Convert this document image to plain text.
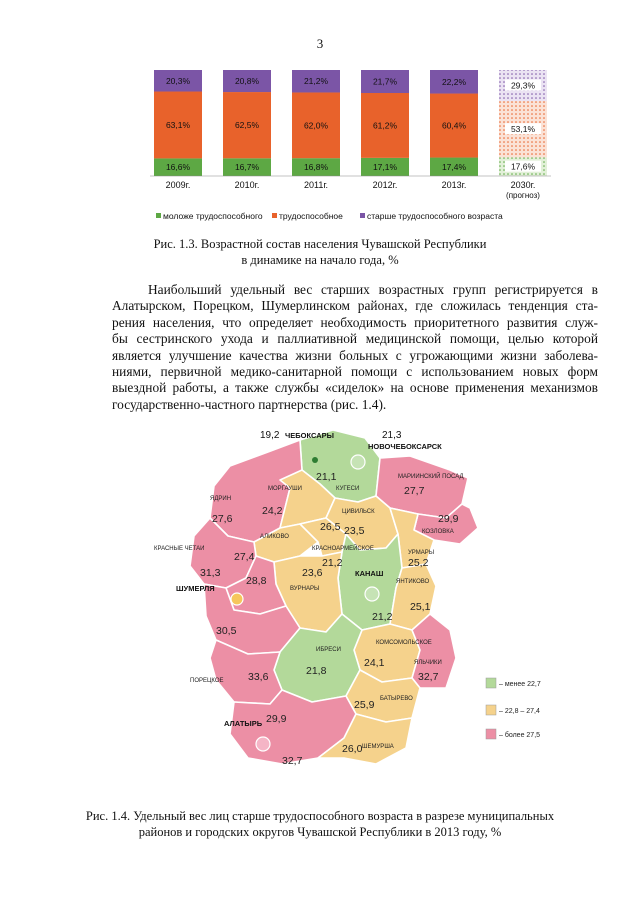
3
16,6%
63,1%
20,3%
16,7%
62,5%
20,8%
16,8%
62,0%
21,2%
17,1%
61,2%
21,7%
17,4%
60,4%
22,2%
17,6%
53,1%
29,3%
2009г.	2010г.	2011г.	2012г.	2013г.	2030г.
(прогноз)
моложе трудоспособного трудоспособное	старше трудоспособного возраста
Рис. 1.3. Возрастной состав населения Чувашской Республики
в динамике на начало года, %
Наибольший удельный вес старших возрастных групп регистрируется в
Алатырском, Порецком, Шумерлинском районах, где сложилась тенденция ста-
рения населения, что определяет необходимость приоритетного развития служ-
бы сестринского ухода и паллиативной медицинской помощи, целью которой
является улучшение качества жизни больных с угрожающими жизни заболева-
ниями, первичной медико-санитарной помощи с использованием новых форм
выездной работы, а также службы «сиделок» на основе применения механизмов
государственно-частного партнерства (рис. 1.4).
МАРИИНСКИЙ ПОСАД
ЯДРИН
МОРГАУШИ	КУГЕСИ
ЦИВИЛЬСК
КОЗЛОВКА
АЛИКОВО
КРАСНОАРМЕЙСКОЕ
УРМАРЫ
КРАСНЫЕ ЧЕТАИ
ЯНТИКОВО
ВУРНАРЫ
КОМСОМОЛЬСКОЕ
ИБРЕСИ
ПОРЕЦКОЕ
ЯЛЬЧИКИ
БАТЫРЕВО
ШЕМУРША
19,2 ЧЕБОКСАРЫ	21,3
НОВОЧЕБОКСАРСК
ШУМЕРЛЯ
КАНАШ
АЛАТЫРЬ
21,1
27,7
27,6
24,2
29,9
26,5 23,5
27,4	25,2
21,2
23,6
31,3
28,8
25,1
21,2
30,5
24,1
21,8
33,6	32,7
25,9
29,9
26,0
32,7
– менее 22,7
– 22,8 – 27,4
– более 27,5
Рис. 1.4. Удельный вес лиц старше трудоспособного возраста в разрезе муниципальных
районов и городских округов Чувашской Республики в 2013 году, %
